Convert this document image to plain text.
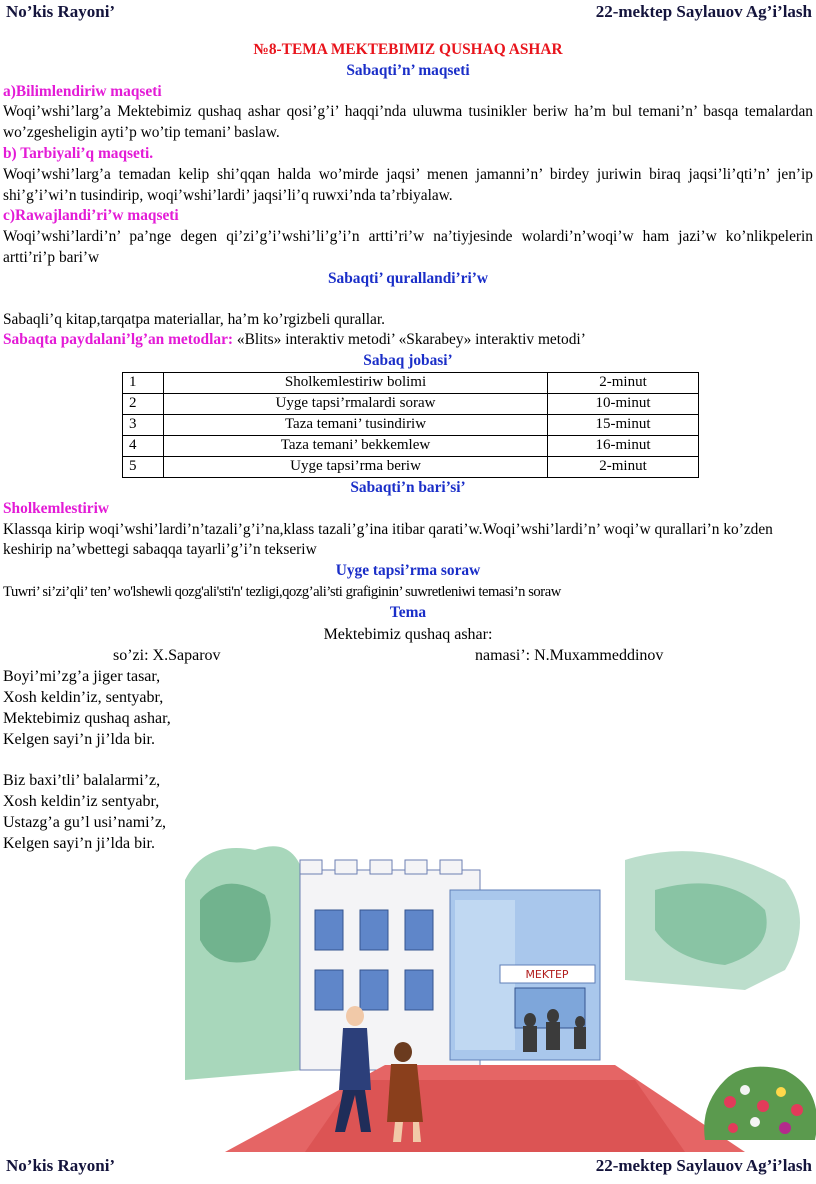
No’kis Rayoni’	22-mektep Saylauov Ag’i’lash

№8-TEMA MEKTEBIMIZ QUSHAQ ASHAR

Sabaqti’n’ maqseti

a)Bilimlendiriw maqseti

Woqi’wshi’larg’a Mektebimiz qushaq ashar qosi’g’i’ haqqi’nda uluwma tusinikler beriw ha’m bul temani’n’ basqa temalardan wo’zgesheligin ayti’p wo’tip temani’ baslaw.

b) Tarbiyali’q maqseti.

Woqi’wshi’larg’a temadan kelip shi’qqan halda wo’mirde jaqsi’ menen jamanni’n’ birdey juriwin biraq jaqsi’li’qti’n’ jen’ip shi’g’i’wi’n tusindirip, woqi’wshi’lardi’ jaqsi’li’q ruwxi’nda ta’rbiyalaw.

c)Rawajlandi’ri’w maqseti

Woqi’wshi’lardi’n’ pa’nge degen qi’zi’g’i’wshi’li’g’i’n artti’ri’w na’tiyjesinde wolardi’n’woqi’w ham jazi’w ko’nlikpelerin artti’ri’p bari’w

Sabaqti’ qurallandi’ri’w

Sabaqli’q kitap,tarqatpa materiallar, ha’m ko’rgizbeli qurallar.

Sabaqta paydalani’lg’an metodlar: «Blits» interaktiv metodi’ «Skarabey» interaktiv metodi’

Sabaq jobasi’

1	Sholkemlestiriw bolimi	2-minut
2	Uyge tapsi’rmalardi soraw	10-minut
3	Taza temani’ tusindiriw	15-minut
4	Taza temani’ bekkemlew	16-minut
5	Uyge tapsi’rma beriw	2-minut

Sabaqti’n bari’si’

Sholkemlestiriw

Klassqa kirip woqi’wshi’lardi’n’tazali’g’i’na,klass tazali’g’ina itibar qarati’w.Woqi’wshi’lardi’n’ woqi’w qurallari’n ko’zden keshirip na’wbettegi sabaqqa tayarli’g’i’n tekseriw

Uyge tapsi’rma soraw

Tuwri’ si’zi’qli’ ten’ wo'lshewli qozg'ali'sti'n' tezligi,qozg’ali’sti grafiginin’ suwretleniwi temasi’n soraw

Tema

Mektebimiz qushaq ashar:

so’zi: X.Saparov	namasi’: N.Muxammeddinov

Boyi’mi’zg’a jiger tasar,

Xosh keldin’iz, sentyabr,

Mektebimiz qushaq ashar,

Kelgen sayi’n ji’lda bir.

Biz baxi’tli’ balalarmi’z,

Xosh keldin’iz sentyabr,

Ustazg’a gu’l usi’nami’z,

Kelgen sayi’n ji’lda bir.

MEKTEP
No’kis Rayoni’	22-mektep Saylauov Ag’i’lash
